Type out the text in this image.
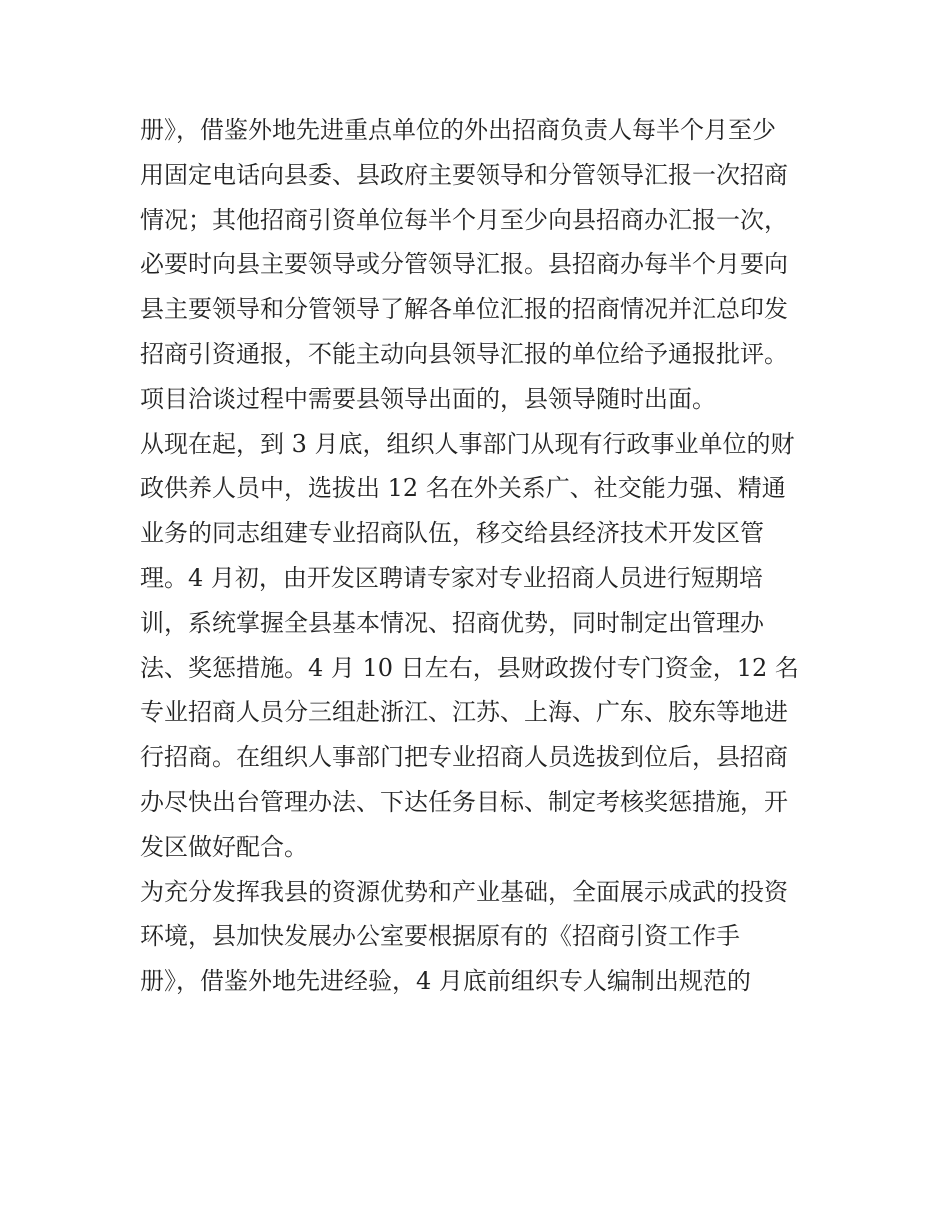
册》，借鉴外地先进重点单位的外出招商负责人每半个月至少
用固定电话向县委、县政府主要领导和分管领导汇报一次招商
情况；其他招商引资单位每半个月至少向县招商办汇报一次，
必要时向县主要领导或分管领导汇报。县招商办每半个月要向
县主要领导和分管领导了解各单位汇报的招商情况并汇总印发
招商引资通报，不能主动向县领导汇报的单位给予通报批评。
项目洽谈过程中需要县领导出面的，县领导随时出面。
从现在起，到 3 月底，组织人事部门从现有行政事业单位的财
政供养人员中，选拔出 12 名在外关系广、社交能力强、精通
业务的同志组建专业招商队伍，移交给县经济技术开发区管
理。4 月初，由开发区聘请专家对专业招商人员进行短期培
训，系统掌握全县基本情况、招商优势，同时制定出管理办
法、奖惩措施。4 月 10 日左右，县财政拨付专门资金，12 名
专业招商人员分三组赴浙江、江苏、上海、广东、胶东等地进
行招商。在组织人事部门把专业招商人员选拔到位后，县招商
办尽快出台管理办法、下达任务目标、制定考核奖惩措施，开
发区做好配合。
为充分发挥我县的资源优势和产业基础，全面展示成武的投资
环境，县加快发展办公室要根据原有的《招商引资工作手
册》，借鉴外地先进经验，4 月底前组织专人编制出规范的
